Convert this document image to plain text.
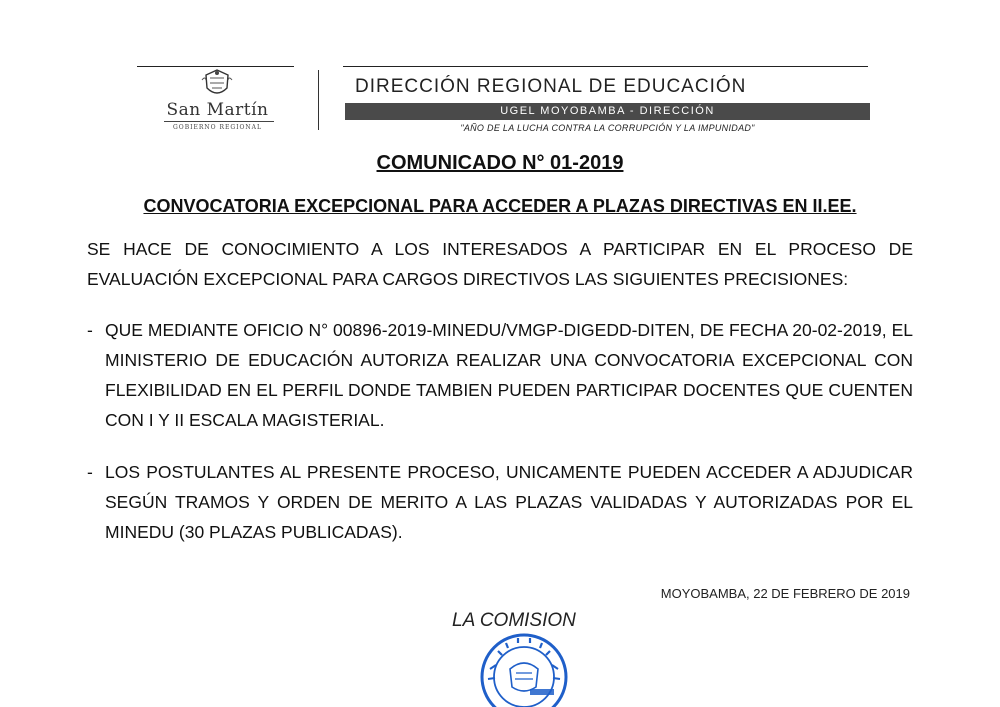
San Martín
GOBIERNO REGIONAL
DIRECCIÓN REGIONAL DE EDUCACIÓN
UGEL MOYOBAMBA - DIRECCIÓN
"AÑO DE LA LUCHA CONTRA LA CORRUPCIÓN Y LA IMPUNIDAD"
COMUNICADO N° 01-2019
CONVOCATORIA EXCEPCIONAL PARA ACCEDER A PLAZAS DIRECTIVAS EN II.EE.
SE HACE DE CONOCIMIENTO A LOS INTERESADOS A PARTICIPAR EN EL PROCESO DE EVALUACIÓN EXCEPCIONAL PARA CARGOS DIRECTIVOS LAS SIGUIENTES PRECISIONES:
- QUE MEDIANTE OFICIO N° 00896-2019-MINEDU/VMGP-DIGEDD-DITEN, DE FECHA 20-02-2019, EL MINISTERIO DE EDUCACIÓN AUTORIZA REALIZAR UNA CONVOCATORIA EXCEPCIONAL CON FLEXIBILIDAD EN EL PERFIL DONDE TAMBIEN PUEDEN PARTICIPAR DOCENTES QUE CUENTEN CON I Y II ESCALA MAGISTERIAL.
- LOS POSTULANTES AL PRESENTE PROCESO, UNICAMENTE PUEDEN ACCEDER A ADJUDICAR SEGÚN TRAMOS Y ORDEN DE MERITO A LAS PLAZAS VALIDADAS Y AUTORIZADAS POR EL MINEDU (30 PLAZAS PUBLICADAS).
MOYOBAMBA, 22 DE FEBRERO DE 2019
LA COMISION
